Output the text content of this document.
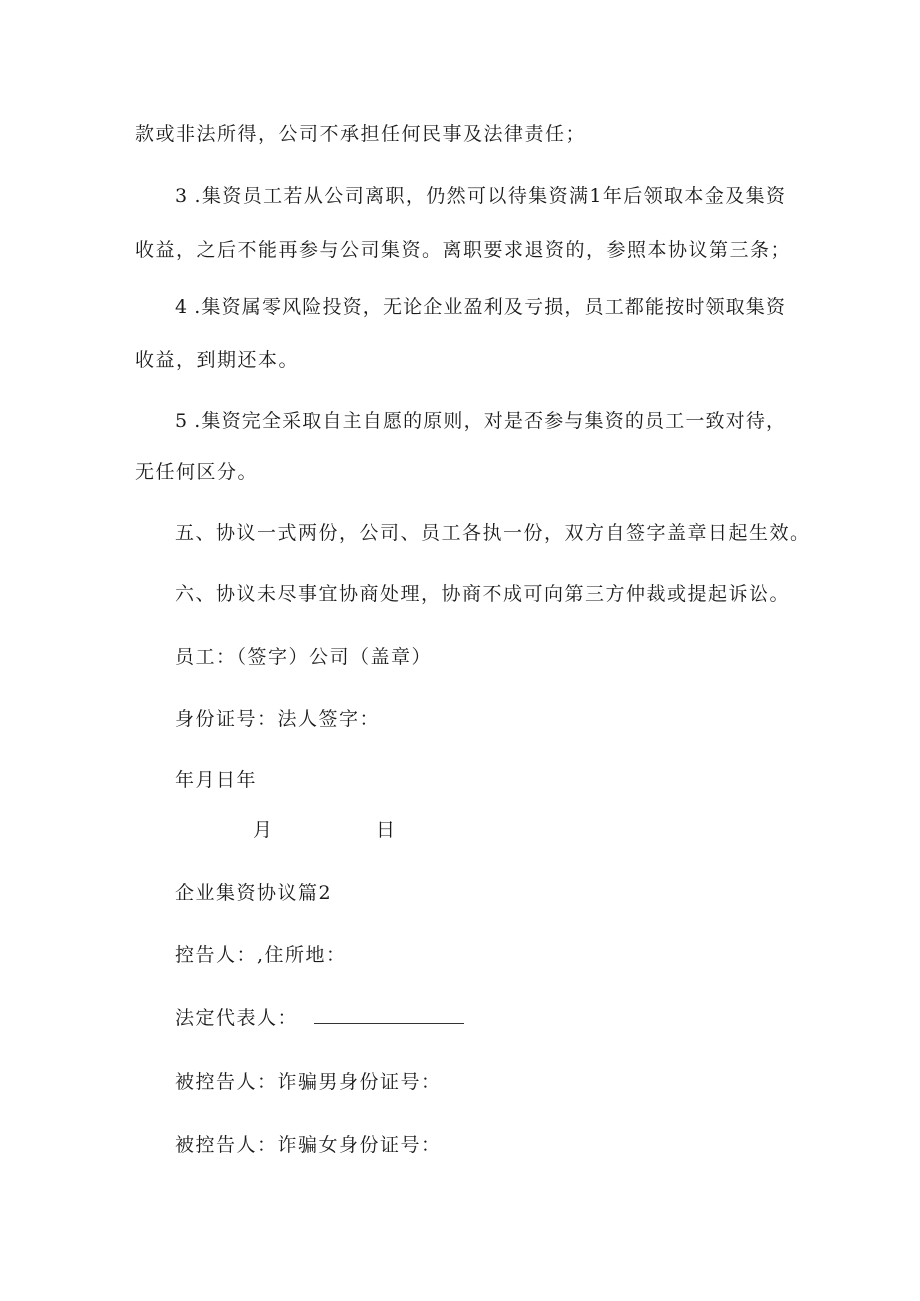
款或非法所得，公司不承担任何民事及法律责任；
3 .集资员工若从公司离职，仍然可以待集资满1年后领取本金及集资
收益，之后不能再参与公司集资。离职要求退资的，参照本协议第三条；
4 .集资属零风险投资，无论企业盈利及亏损，员工都能按时领取集资
收益，到期还本。
5 .集资完全采取自主自愿的原则，对是否参与集资的员工一致对待，
无任何区分。
五、协议一式两份，公司、员工各执一份，双方自签字盖章日起生效。
六、协议未尽事宜协商处理，协商不成可向第三方仲裁或提起诉讼。
员工：（签字）公司（盖章）
身份证号：法人签字：
年月日年
月	日
企业集资协议篇2
控告人：,住所地：
法定代表人：
被控告人：诈骗男身份证号：
被控告人：诈骗女身份证号：
